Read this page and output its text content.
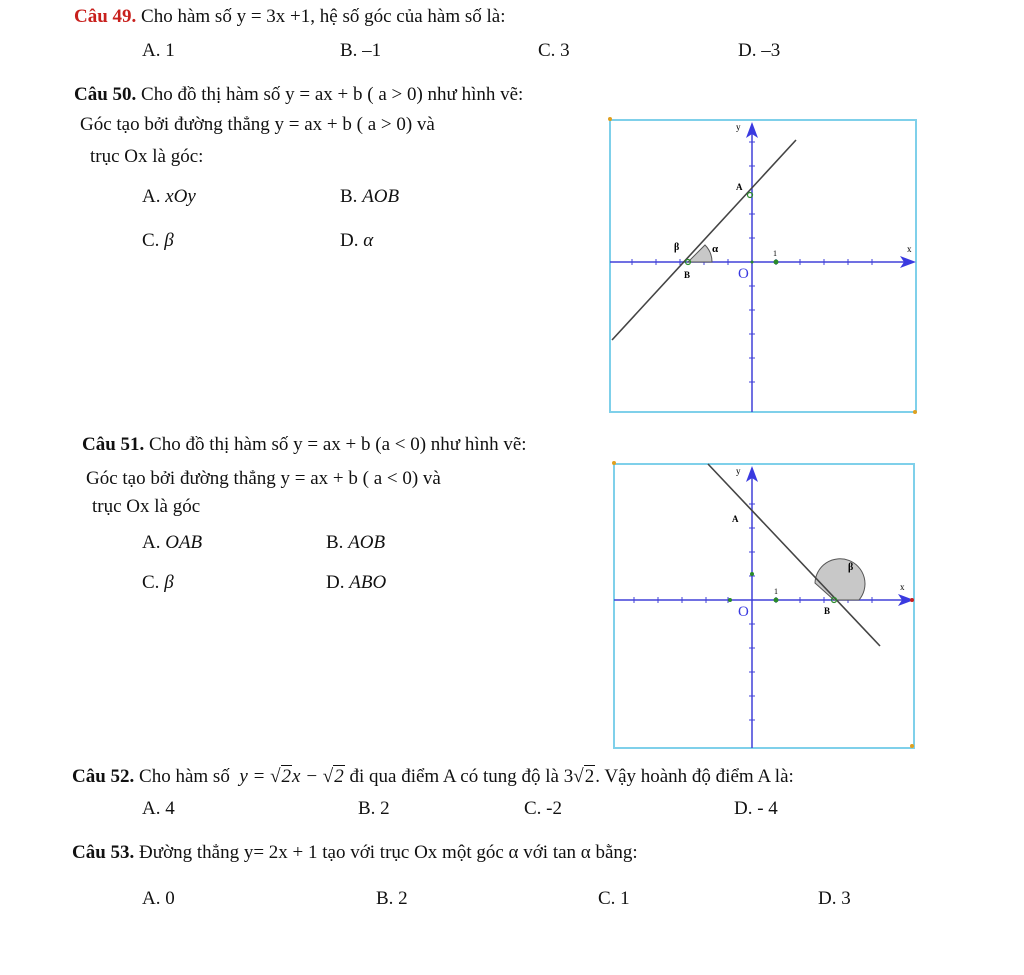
Câu 49. Cho hàm số y = 3x +1, hệ số góc của hàm số là:
A. 1	B. –1	C. 3	D. –3
Câu 50. Cho đồ thị hàm số y = ax + b ( a > 0) như hình vẽ:
Góc tạo bởi đường thẳng y = ax + b ( a > 0) và
trục Ox là góc:
A. xOy	B. AOB
C. β	D. α
y
x
A
B
β	α	1
O
Câu 51. Cho đồ thị hàm số y = ax + b (a < 0) như hình vẽ:
Góc tạo bởi đường thẳng y = ax + b ( a < 0) và
trục Ox là góc
A. OAB	B. AOB
C. β	D. ABO
y
x
A
B
β
1
O
Câu 52. Cho hàm số y = √2x − √2 đi qua điểm A có tung độ là 3√2. Vậy hoành độ điểm A là:
A. 4	B. 2	C. -2	D. - 4
Câu 53. Đường thẳng y= 2x + 1 tạo với trục Ox một góc α với tan α bằng:
A. 0	B. 2	C. 1	D. 3
